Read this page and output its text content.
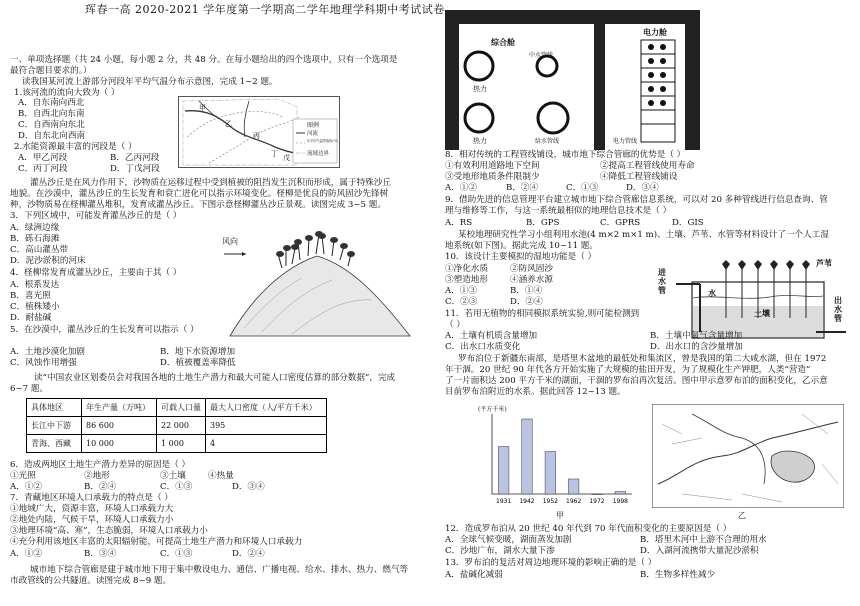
珲春一高 2020-2021 学年度第一学期高二学年地理学科期中考试试卷
一、单项选择题（共 24 小题，每小题 2 分，共 48 分。在每小题给出的四个选项中，只有一个选项是
最符合题目要求的。）
读我国某河流上游部分河段年平均气温分布示意图，完成 1~2 题。
1.该河流的流向大致为（ ）
A．自东南向西北
B．自西北向东南
C．自西南向东北
D．自东北向西南
2.水能资源最丰富的河段是（ ）
A．甲乙河段	B．乙丙河段
C．丙丁河段	D．丁戊河段
图例
河流
年平均气温等值线(℃)
流域边界
甲
乙
丙
丁 戊
灌丛沙丘是在风力作用下，沙物质在运移过程中受到植被的阻挡发生沉积而形成，属于特殊沙丘
地貌。在沙漠中，灌丛沙丘的生长发育和衰亡进化可以指示环境变化。柽柳是优良的防风固沙先锋树
种，沙物质易在柽柳灌丛堆积，发育成灌丛沙丘。下图示意柽柳灌丛沙丘景观。读图完成 3~5 题。
3．下列区域中，可能发育灌丛沙丘的是（ ）
A．绿洲边缘
B．砾石海滩
C．高山灌丛带
D．泥沙淤积的河床
4．柽柳常发育成灌丛沙丘，主要由于其（ ）
A．根系发达
B．喜光照
C．植株矮小
D．耐盐碱
风向
5．在沙漠中，灌丛沙丘的生长发育可以指示（ ）
A．土地沙漠化加剧	B．地下水资源增加
C．风蚀作用增强	D．植被覆盖率降低
读“中国农业区划委员会对我国各地的土地生产潜力和最大可能人口密度估算的部分数据”，完成
6~7 题。
具体地区	年生产量（万吨）	可载人口量	最大人口密度（人/平方千米）
长江中下游	86 600	22 000	395
青海、西藏	10 000	1 000	4
6．造成两地区土地生产潜力差异的原因是（ ）
①光照	②地形	③土壤	④热量
A．①②	B．②④	C．①③	D．③④
7．青藏地区环境人口承载力的特点是（ ）
①地域广大，资源丰富，环境人口承载力大
②地处内陆，气候干旱，环境人口承载力小
③地理环境“高、寒”，生态脆弱，环境人口承载力小
④充分利用该地区丰富的太阳辐射能，可提高土地生产潜力和环境人口承载力
A．①②	B．③④	C．①③	D．②④
城市地下综合管廊是建于城市地下用于集中敷设电力、通信、广播电视、给水、排水、热力、燃气等
市政管线的公共隧道。读图完成 8~9 题。
综合舱
电力舱
中水管线
热力
热力	给水管线	电力管线
8．相对传统的工程管线铺设，城市地下综合管廊的优势是（ ）
①有效利用道路地下空间	②提高工程管线使用寿命
③受地形地质条件限制少	④降低工程管线铺设
A．①②	B．②④	C．①③	D．③④
9．借助先进的信息管理平台建立城市地下综合管廊信息系统，可以对 20 多种管线进行信息查询、管
理与维修等工作，与这一系统最相似的地理信息技术是（ ）
A．RS	B．GPS	C．GPRS	D．GIS
某校地理研究性学习小组利用水池(4 m×2 m×1 m)、土壤、芦苇、水管等材料设计了一个人工湿
地系统(如下图)。据此完成 10~11 题。
10．该设计主要模拟的湿地功能是（ ）
①净化水质	②防风固沙
③塑造地形	④涵养水源
A．①③	B．①④
C．②③	D．②④
进水管
芦苇
水
土壤
出水管
11．若用无植物的相同模拟系统实验,则可能检测到
（ ）
A．土壤有机质含量增加	B．土壤中氧气含量增加
C．出水口水质变化	D．出水口的含沙量增加
罗布泊位于新疆东南部，是塔里木盆地的最低处和集流区，曾是我国的第二大咸水湖，但在 1972
年干涸。20 世纪 90 年代各方开始实施了大规模的盐田开发，为了规模化生产钾肥，人类“营造”
了一片面积达 200 平方千米的湖面，干涸的罗布泊再次复活。图中甲示意罗布泊的面积变化，乙示意
目前罗布泊附近的水系。据此回答 12~13 题。
1931 1942 1952 1962 1972 1998
(平方千米)
甲	乙
12．造成罗布泊从 20 世纪 40 年代到 70 年代面积变化的主要原因是（ ）
A．全球气候变暖，湖面蒸发加剧	B．塔里木河中上游不合理的用水
C．沙地广布，湖水大量下渗	D．入湖河流携带大量泥沙淤积
13．罗布泊的复活对周边地理环境的影响正确的是（ ）
A．盐碱化减弱	B．生物多样性减少
